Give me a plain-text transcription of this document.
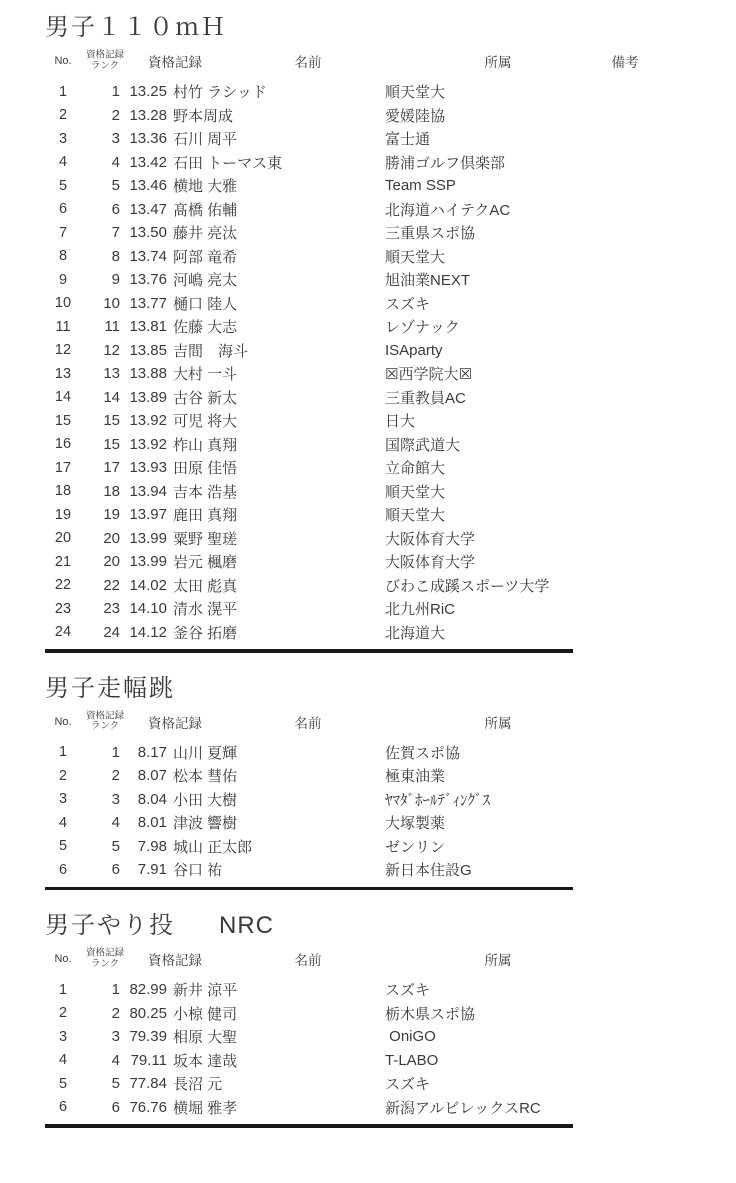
男子１１０ｍＨ
No. 資格記録
ランク	資格記録	名前	所属	備考
1	1 13.25 村竹 ラシッド	順天堂大
2	2 13.28 野本周成	愛媛陸協
3	3 13.36 石川 周平	富士通
4	4 13.42 石田 トーマス東	勝浦ゴルフ倶楽部
5	5 13.46 横地 大雅	Team SSP
6	6 13.47 髙橋 佑輔	北海道ハイテクAC
7	7 13.50 藤井 亮汰	三重県スポ協
8	8 13.74 阿部 竜希	順天堂大
9	9 13.76 河嶋 亮太	旭油業NEXT
10	10 13.77 樋口 陸人	スズキ
11	11 13.81 佐藤 大志	レゾナック
12	12 13.85 吉間　海斗	ISAparty
13	13 13.88 大村 一斗	☒西学院大☒
14	14 13.89 古谷 新太	三重教員AC
15	15 13.92 可児 将大	日大
16	15 13.92 柞山 真翔	国際武道大
17	17 13.93 田原 佳悟	立命館大
18	18 13.94 吉本 浩基	順天堂大
19	19 13.97 鹿田 真翔	順天堂大
20	20 13.99 粟野 聖瑳	大阪体育大学
21	20 13.99 岩元 楓磨	大阪体育大学
22	22 14.02 太田 彪真	びわこ成蹊スポーツ大学
23	23 14.10 清水 滉平	北九州RiC
24	24 14.12 釜谷 拓磨	北海道大
男子走幅跳
No. 資格記録
ランク	資格記録	名前	所属
1	1	8.17 山川 夏輝	佐賀スポ協
2	2	8.07 松本 彗佑	極東油業
3	3	8.04 小田 大樹	ﾔﾏﾀﾞﾎｰﾙﾃﾞｨﾝｸﾞｽ
4	4	8.01 津波 響樹	大塚製薬
5	5	7.98 城山 正太郎	ゼンリン
6	6	7.91 谷口 祐	新日本住設G
男子やり投 NRC
No. 資格記録
ランク	資格記録	名前	所属
1	1 82.99 新井 涼平	スズキ
2	2 80.25 小椋 健司	栃木県スポ協
3	3 79.39 相原 大聖	OniGO
4	4 79.11 坂本 達哉	T-LABO
5	5 77.84 長沼 元	スズキ
6	6 76.76 横堀 雅孝	新潟アルビレックスRC
